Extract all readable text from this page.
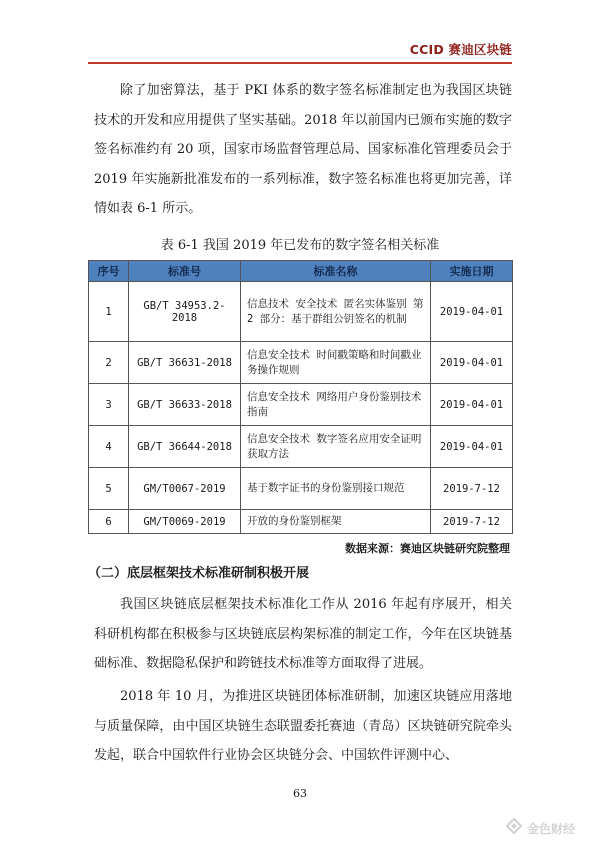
CCID 赛迪区块链

除了加密算法，基于 PKI 体系的数字签名标准制定也为我国区块链技术的开发和应用提供了坚实基础。2018 年以前国内已颁布实施的数字签名标准约有 20 项，国家市场监督管理总局、国家标准化管理委员会于 2019 年实施新批准发布的一系列标准，数字签名标准也将更加完善，详情如表 6-1 所示。

表 6-1 我国 2019 年已发布的数字签名相关标准
序号	标准号	标准名称	实施日期
1	GB/T 34953.2-2018	信息技术 安全技术 匿名实体鉴别 第 2 部分：基于群组公钥签名的机制	2019-04-01
2	GB/T 36631-2018	信息安全技术 时间戳策略和时间戳业务操作规则	2019-04-01
3	GB/T 36633-2018	信息安全技术 网络用户身份鉴别技术指南	2019-04-01
4	GB/T 36644-2018	信息安全技术 数字签名应用安全证明获取方法	2019-04-01
5	GM/T0067-2019	基于数字证书的身份鉴别接口规范	2019-7-12
6	GM/T0069-2019	开放的身份鉴别框架	2019-7-12
数据来源：赛迪区块链研究院整理
（二）底层框架技术标准研制积极开展

我国区块链底层框架技术标准化工作从 2016 年起有序展开，相关科研机构都在积极参与区块链底层构架标准的制定工作，今年在区块链基础标准、数据隐私保护和跨链技术标准等方面取得了进展。

2018 年 10 月，为推进区块链团体标准研制，加速区块链应用落地与质量保障，由中国区块链生态联盟委托赛迪（青岛）区块链研究院牵头发起，联合中国软件行业协会区块链分会、中国软件评测中心、

63
金色财经
